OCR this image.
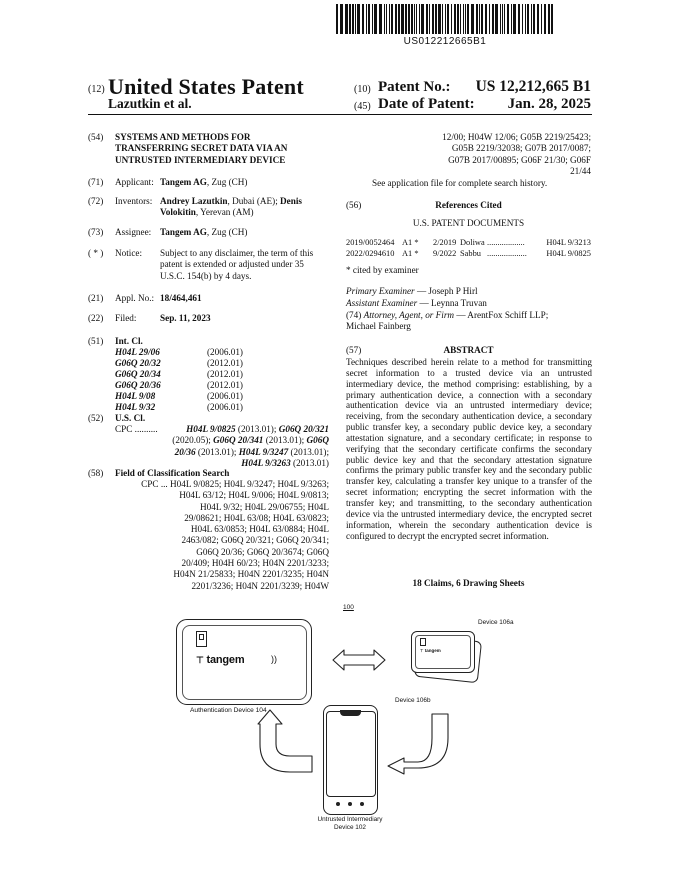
US012212665B1
(12) United States Patent
Lazutkin et al.
(10) Patent No.:	US 12,212,665 B1
(45) Date of Patent:	Jan. 28, 2025
(54) SYSTEMS AND METHODS FOR
TRANSFERRING SECRET DATA VIA AN
UNTRUSTED INTERMEDIARY DEVICE
(71) Applicant: Tangem AG, Zug (CH)
(72) Inventors: Andrey Lazutkin, Dubai (AE); Denis
Volokitin, Yerevan (AM)
(73) Assignee: Tangem AG, Zug (CH)
( * ) Notice: Subject to any disclaimer, the term of this
patent is extended or adjusted under 35
U.S.C. 154(b) by 4 days.
(21) Appl. No.: 18/464,461
(22) Filed:	Sep. 11, 2023
(51) Int. Cl.
H04L 29/06	(2006.01)
G06Q 20/32	(2012.01)
G06Q 20/34	(2012.01)
G06Q 20/36	(2012.01)
H04L 9/08	(2006.01)
H04L 9/32	(2006.01)
(52) U.S. Cl.
CPC ..........	H04L 9/0825 (2013.01); G06Q 20/321
(2020.05); G06Q 20/341 (2013.01); G06Q
20/36 (2013.01); H04L 9/3247 (2013.01);
H04L 9/3263 (2013.01)
(58) Field of Classification Search
CPC ... H04L 9/0825; H04L 9/3247; H04L 9/3263;
H04L 63/12; H04L 9/006; H04L 9/0813;
H04L 9/32; H04L 29/06755; H04L
29/08621; H04L 63/08; H04L 63/0823;
H04L 63/0853; H04L 63/0884; H04L
2463/082; G06Q 20/321; G06Q 20/341;
G06Q 20/36; G06Q 20/3674; G06Q
20/409; H04H 60/23; H04N 2201/3233;
H04N 21/25833; H04N 2201/3235; H04N
2201/3236; H04N 2201/3239; H04W
12/00; H04W 12/06; G05B 2219/25423;
G05B 2219/32038; G07B 2017/0087;
G07B 2017/00895; G06F 21/30; G06F
21/44
See application file for complete search history.
(56)	References Cited
U.S. PATENT DOCUMENTS
2019/0052464 A1 * 2/2019 Doliwa ..................	H04L 9/3213
2022/0294610 A1 * 9/2022 Sabbu ................... H04L 9/0825
* cited by examiner
Primary Examiner — Joseph P Hirl
Assistant Examiner — Leynna Truvan
(74) Attorney, Agent, or Firm — ArentFox Schiff LLP;
Michael Fainberg
(57)	ABSTRACT
Techniques described herein relate to a method for transmitting secret information to a trusted device via an untrusted intermediary device, the method comprising: establishing, by a primary authentication device, a connection with a secondary authentication device via an untrusted intermediary device; receiving, from the secondary authentication device, a secondary public transfer key, a secondary public device key, a secondary attestation signature, and a secondary certificate; in response to verifying that the secondary certificate confirms the secondary public device key and that the secondary attestation signature confirms the primary public transfer key and the secondary public transfer key, calculating a transfer key unique to a transfer of the secret information; encrypting the secret information with the transfer key; and transmitting, to the secondary authentication device via the untrusted intermediary device, the encrypted secret information, wherein the secondary authentication device is configured to decrypt the encrypted secret information.
18 Claims, 6 Drawing Sheets
100
⊤ tangem	))
Authentication Device 104
⊤ tangem
Device 106a
Device 106b
Untrusted Intermediary
Device 102
